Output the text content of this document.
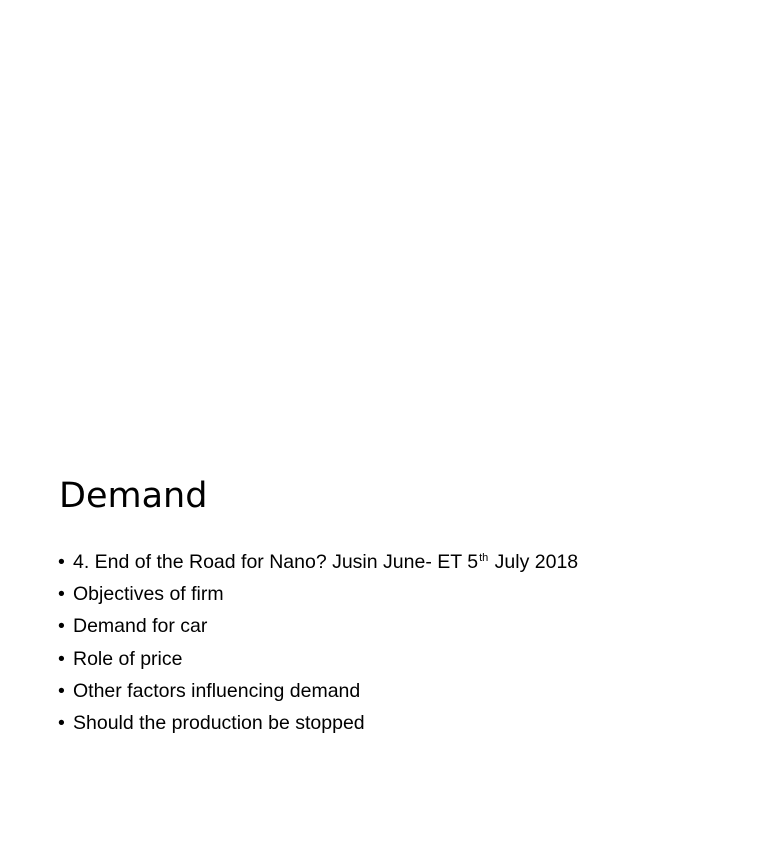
Demand
• 4. End of the Road for Nano? Jusin June- ET 5th July 2018
• Objectives of firm
• Demand for car
• Role of price
• Other factors influencing demand
• Should the production be stopped
